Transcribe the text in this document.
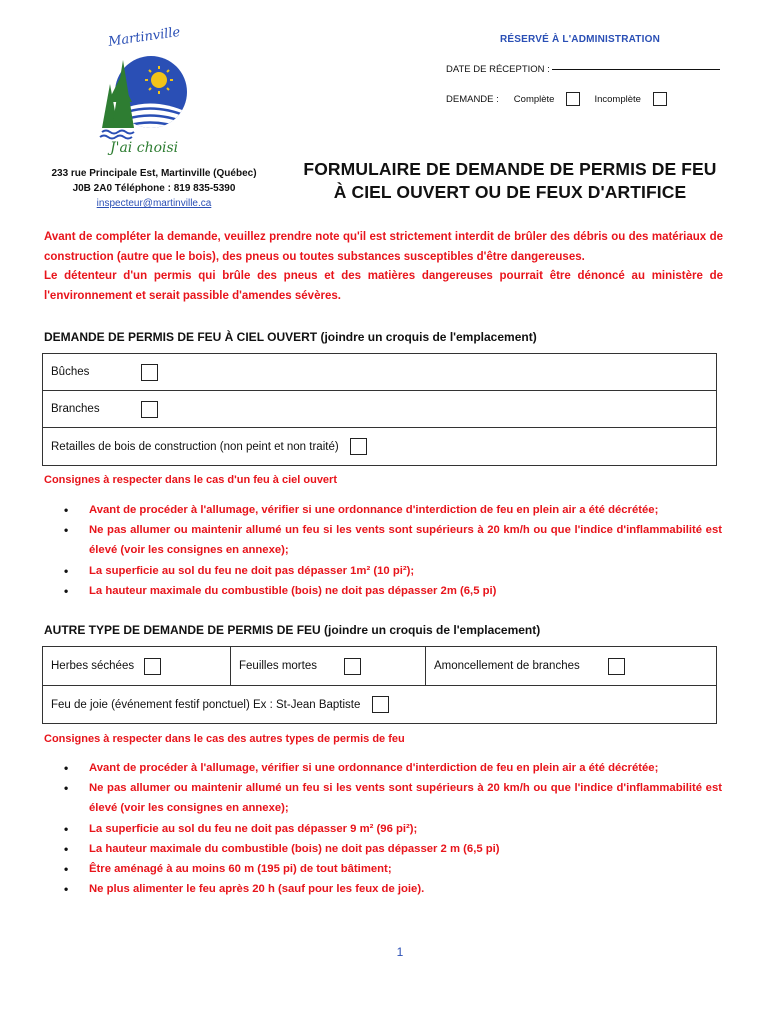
RÉSERVÉ À L'ADMINISTRATION
DATE DE RÉCEPTION :
DEMANDE : Complète	Incomplète
Martinville
J'ai choisi
233 rue Principale Est, Martinville (Québec)
J0B 2A0 Téléphone : 819 835-5390
inspecteur@martinville.ca
FORMULAIRE DE DEMANDE DE PERMIS DE FEU
À CIEL OUVERT OU DE FEUX D'ARTIFICE
Avant de compléter la demande, veuillez prendre note qu'il est strictement interdit de brûler des débris ou des matériaux de construction (autre que le bois), des pneus ou toutes substances susceptibles d'être dangereuses.
Le détenteur d'un permis qui brûle des pneus et des matières dangereuses pourrait être dénoncé au ministère de l'environnement et serait passible d'amendes sévères.
DEMANDE DE PERMIS DE FEU À CIEL OUVERT (joindre un croquis de l'emplacement)
Bûches
Branches
Retailles de bois de construction (non peint et non traité)
Consignes à respecter dans le cas d'un feu à ciel ouvert
• Avant de procéder à l'allumage, vérifier si une ordonnance d'interdiction de feu en plein air a été décrétée;
• Ne pas allumer ou maintenir allumé un feu si les vents sont supérieurs à 20 km/h ou que l'indice d'inflammabilité est élevé (voir les consignes en annexe);
• La superficie au sol du feu ne doit pas dépasser 1m² (10 pi²);
• La hauteur maximale du combustible (bois) ne doit pas dépasser 2m (6,5 pi)
AUTRE TYPE DE DEMANDE DE PERMIS DE FEU (joindre un croquis de l'emplacement)
Herbes séchées	Feuilles mortes	Amoncellement de branches
Feu de joie (événement festif ponctuel) Ex : St-Jean Baptiste
Consignes à respecter dans le cas des autres types de permis de feu
• Avant de procéder à l'allumage, vérifier si une ordonnance d'interdiction de feu en plein air a été décrétée;
• Ne pas allumer ou maintenir allumé un feu si les vents sont supérieurs à 20 km/h ou que l'indice d'inflammabilité est élevé (voir les consignes en annexe);
• La superficie au sol du feu ne doit pas dépasser 9 m² (96 pi²);
• La hauteur maximale du combustible (bois) ne doit pas dépasser 2 m (6,5 pi)
• Être aménagé à au moins 60 m (195 pi) de tout bâtiment;
• Ne plus alimenter le feu après 20 h (sauf pour les feux de joie).
1
